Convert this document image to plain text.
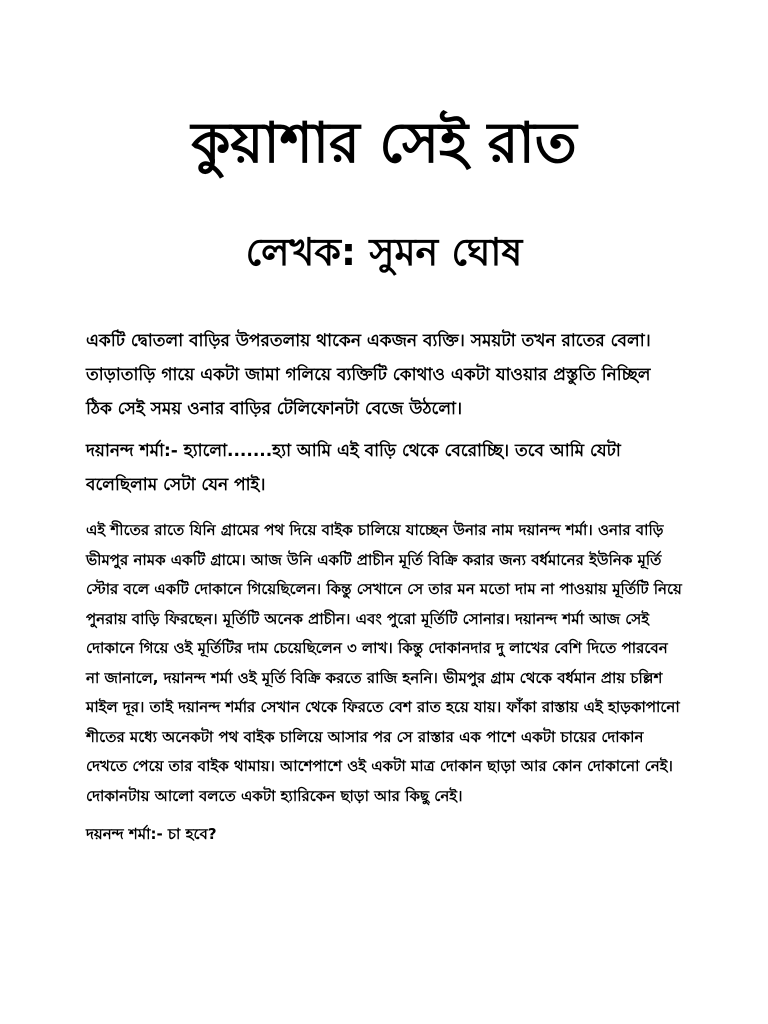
কুয়াশার সেই রাত
লেখক: সুমন ঘোষ

একটি দ্বোতলা বাড়ির উপরতলায় থাকেন একজন ব্যক্তি। সময়টা তখন রাতের বেলা। তাড়াতাড়ি গায়ে একটা জামা গলিয়ে ব্যক্তিটি কোথাও একটা যাওয়ার প্রস্তুতি নিচ্ছিল ঠিক সেই সময় ওনার বাড়ির টেলিফোনটা বেজে উঠলো।

দয়ানন্দ শর্মা:- হ্যালো.......হ্যা আমি এই বাড়ি থেকে বেরোচ্ছি। তবে আমি যেটা বলেছিলাম সেটা যেন পাই।

এই শীতের রাতে যিনি গ্রামের পথ দিয়ে বাইক চালিয়ে যাচ্ছেন উনার নাম দয়ানন্দ শর্মা। ওনার বাড়ি ভীমপুর নামক একটি গ্রামে। আজ উনি একটি প্রাচীন মূর্তি বিক্রি করার জন্য বর্ধমানের ইউনিক মূর্তি স্টোর বলে একটি দোকানে গিয়েছিলেন। কিন্তু সেখানে সে তার মন মতো দাম না পাওয়ায় মূর্তিটি নিয়ে পুনরায় বাড়ি ফিরছেন। মূর্তিটি অনেক প্রাচীন। এবং পুরো মূর্তিটি সোনার। দয়ানন্দ শর্মা আজ সেই দোকানে গিয়ে ওই মূর্তিটির দাম চেয়েছিলেন ৩ লাখ। কিন্তু দোকানদার দু লাখের বেশি দিতে পারবেন না জানালে, দয়ানন্দ শর্মা ওই মূর্তি বিক্রি করতে রাজি হননি। ভীমপুর গ্রাম থেকে বর্ধমান প্রায় চল্লিশ মাইল দূর। তাই দয়ানন্দ শর্মার সেখান থেকে ফিরতে বেশ রাত হয়ে যায়। ফাঁকা রাস্তায় এই হাড়কাপানো শীতের মধ্যে অনেকটা পথ বাইক চালিয়ে আসার পর সে রাস্তার এক পাশে একটা চায়ের দোকান দেখতে পেয়ে তার বাইক থামায়। আশেপাশে ওই একটা মাত্র দোকান ছাড়া আর কোন দোকানো নেই। দোকানটায় আলো বলতে একটা হ্যারিকেন ছাড়া আর কিছু নেই।

দয়নন্দ শর্মা:- চা হবে?
